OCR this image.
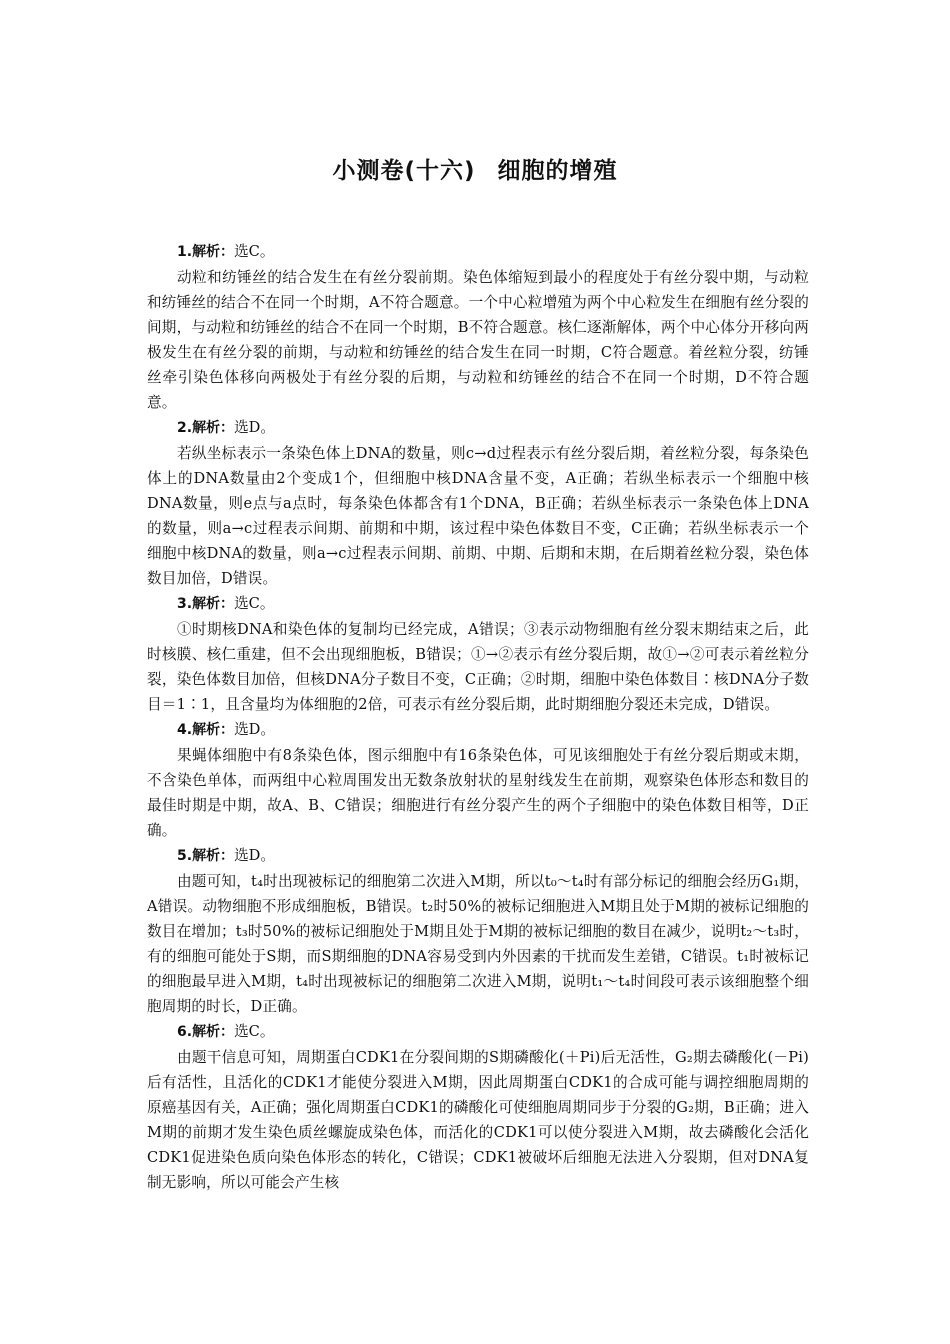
小测卷(十六) 细胞的增殖

1.解析：选C。

动粒和纺锤丝的结合发生在有丝分裂前期。染色体缩短到最小的程度处于有丝分裂中期，与动粒和纺锤丝的结合不在同一个时期，A不符合题意。一个中心粒增殖为两个中心粒发生在细胞有丝分裂的间期，与动粒和纺锤丝的结合不在同一个时期，B不符合题意。核仁逐渐解体，两个中心体分开移向两极发生在有丝分裂的前期，与动粒和纺锤丝的结合发生在同一时期，C符合题意。着丝粒分裂，纺锤丝牵引染色体移向两极处于有丝分裂的后期，与动粒和纺锤丝的结合不在同一个时期，D不符合题意。

2.解析：选D。

若纵坐标表示一条染色体上DNA的数量，则c→d过程表示有丝分裂后期，着丝粒分裂，每条染色体上的DNA数量由2个变成1个，但细胞中核DNA含量不变，A正确；若纵坐标表示一个细胞中核DNA数量，则e点与a点时，每条染色体都含有1个DNA，B正确；若纵坐标表示一条染色体上DNA的数量，则a→c过程表示间期、前期和中期，该过程中染色体数目不变，C正确；若纵坐标表示一个细胞中核DNA的数量，则a→c过程表示间期、前期、中期、后期和末期，在后期着丝粒分裂，染色体数目加倍，D错误。

3.解析：选C。

①时期核DNA和染色体的复制均已经完成，A错误；③表示动物细胞有丝分裂末期结束之后，此时核膜、核仁重建，但不会出现细胞板，B错误；①→②表示有丝分裂后期，故①→②可表示着丝粒分裂，染色体数目加倍，但核DNA分子数目不变，C正确；②时期，细胞中染色体数目∶核DNA分子数目＝1∶1，且含量均为体细胞的2倍，可表示有丝分裂后期，此时期细胞分裂还未完成，D错误。

4.解析：选D。

果蝇体细胞中有8条染色体，图示细胞中有16条染色体，可见该细胞处于有丝分裂后期或末期，不含染色单体，而两组中心粒周围发出无数条放射状的星射线发生在前期，观察染色体形态和数目的最佳时期是中期，故A、B、C错误；细胞进行有丝分裂产生的两个子细胞中的染色体数目相等，D正确。

5.解析：选D。

由题可知，t₄时出现被标记的细胞第二次进入M期，所以t₀～t₄时有部分标记的细胞会经历G₁期，A错误。动物细胞不形成细胞板，B错误。t₂时50%的被标记细胞进入M期且处于M期的被标记细胞的数目在增加；t₃时50%的被标记细胞处于M期且处于M期的被标记细胞的数目在减少，说明t₂～t₃时，有的细胞可能处于S期，而S期细胞的DNA容易受到内外因素的干扰而发生差错，C错误。t₁时被标记的细胞最早进入M期，t₄时出现被标记的细胞第二次进入M期，说明t₁～t₄时间段可表示该细胞整个细胞周期的时长，D正确。

6.解析：选C。

由题干信息可知，周期蛋白CDK1在分裂间期的S期磷酸化(＋Pi)后无活性，G₂期去磷酸化(－Pi)后有活性，且活化的CDK1才能使分裂进入M期，因此周期蛋白CDK1的合成可能与调控细胞周期的原癌基因有关，A正确；强化周期蛋白CDK1的磷酸化可使细胞周期同步于分裂的G₂期，B正确；进入M期的前期才发生染色质丝螺旋成染色体，而活化的CDK1可以使分裂进入M期，故去磷酸化会活化CDK1促进染色质向染色体形态的转化，C错误；CDK1被破坏后细胞无法进入分裂期，但对DNA复制无影响，所以可能会产生核
